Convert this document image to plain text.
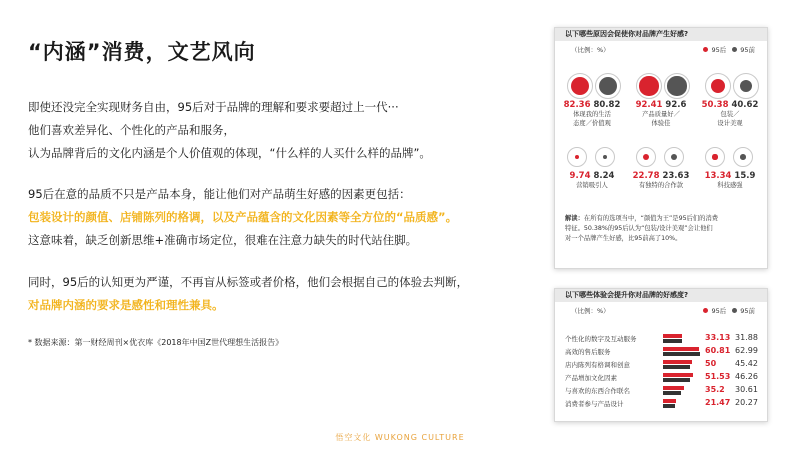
“内涵”消费，文艺风向
即使还没完全实现财务自由，95后对于品牌的理解和要求要超过上一代···
他们喜欢差异化、个性化的产品和服务，
认为品牌背后的文化内涵是个人价值观的体现，“什么样的人买什么样的品牌”。
95后在意的品质不只是产品本身，能让他们对产品萌生好感的因素更包括：
包装设计的颜值、店铺陈列的格调，以及产品蕴含的文化因素等全方位的“品质感”。
这意味着，缺乏创新思维+准确市场定位，很难在注意力缺失的时代站住脚。
同时，95后的认知更为严谨，不再盲从标签或者价格，他们会根据自己的体验去判断，
对品牌内涵的要求是感性和理性兼具。
* 数据来源：第一财经周刊×优衣库《2018年中国Z世代理想生活报告》
悟空文化 WUKONG CULTURE
以下哪些原因会促使你对品牌产生好感?
（比例：%）	95后 95前
82.36 80.82
体现我的生活
态度／价值观
92.41 92.6
产品质量好／
体验佳
50.38 40.62
包装／
设计美观
9.74 8.24
营销吸引人
22.78 23.63
有独特的合作款
13.34 15.9
科技感强
解读：在所有的选项当中，“颜值为王”是95后们的消费
特征。50.38%的95后认为“包装/设计美观”会让他们
对一个品牌产生好感，比95前高了10%。
以下哪些体验会提升你对品牌的好感度?
（比例：%）	95后 95前
个性化的数字及互动服务	33.13 31.88
高效的售后服务	60.81 62.99
店内陈列有格调和创意	50 45.42
产品增加文化因素	51.53 46.26
与喜欢的东西合作联名	35.2 30.61
消费者参与产品设计	21.47 20.27
